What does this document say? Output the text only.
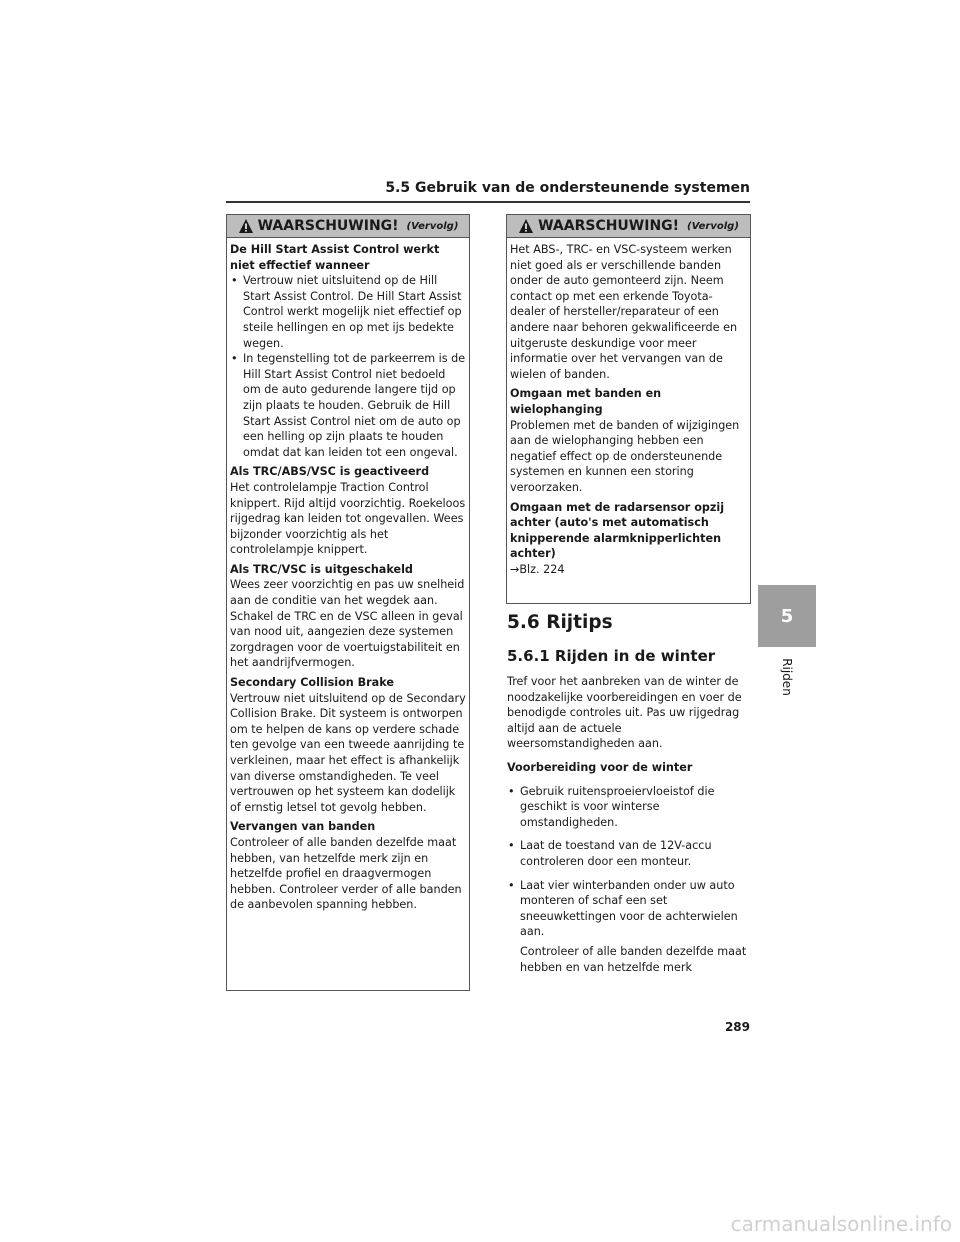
5.5 Gebruik van de ondersteunende systemen
WAARSCHUWING! (Vervolg)

De Hill Start Assist Control werkt niet effectief wanneer

• Vertrouw niet uitsluitend op de Hill Start Assist Control. De Hill Start Assist Control werkt mogelijk niet effectief op steile hellingen en op met ijs bedekte wegen.
• In tegenstelling tot de parkeerrem is de Hill Start Assist Control niet bedoeld om de auto gedurende langere tijd op zijn plaats te houden. Gebruik de Hill Start Assist Control niet om de auto op een helling op zijn plaats te houden omdat dat kan leiden tot een ongeval.

Als TRC/ABS/VSC is geactiveerd

Het controlelampje Traction Control knippert. Rijd altijd voorzichtig. Roekeloos rijgedrag kan leiden tot ongevallen. Wees bijzonder voorzichtig als het controlelampje knippert.

Als TRC/VSC is uitgeschakeld

Wees zeer voorzichtig en pas uw snelheid aan de conditie van het wegdek aan. Schakel de TRC en de VSC alleen in geval van nood uit, aangezien deze systemen zorgdragen voor de voertuigstabiliteit en het aandrijfvermogen.

Secondary Collision Brake

Vertrouw niet uitsluitend op de Secondary Collision Brake. Dit systeem is ontworpen om te helpen de kans op verdere schade ten gevolge van een tweede aanrijding te verkleinen, maar het effect is afhankelijk van diverse omstandigheden. Te veel vertrouwen op het systeem kan dodelijk of ernstig letsel tot gevolg hebben.

Vervangen van banden

Controleer of alle banden dezelfde maat hebben, van hetzelfde merk zijn en hetzelfde profiel en draagvermogen hebben. Controleer verder of alle banden de aanbevolen spanning hebben.

WAARSCHUWING! (Vervolg)

Het ABS-, TRC- en VSC-systeem werken niet goed als er verschillende banden onder de auto gemonteerd zijn. Neem contact op met een erkende Toyota-dealer of hersteller/reparateur of een andere naar behoren gekwalificeerde en uitgeruste deskundige voor meer informatie over het vervangen van de wielen of banden.

Omgaan met banden en wielophanging

Problemen met de banden of wijzigingen aan de wielophanging hebben een negatief effect op de ondersteunende systemen en kunnen een storing veroorzaken.

Omgaan met de radarsensor opzij achter (auto's met automatisch knipperende alarmknipperlichten achter)

→Blz. 224

5.6 Rijtips
5.6.1 Rijden in de winter

Tref voor het aanbreken van de winter de noodzakelijke voorbereidingen en voer de benodigde controles uit. Pas uw rijgedrag altijd aan de actuele weersomstandigheden aan.

Voorbereiding voor de winter

• Gebruik ruitensproeiervloeistof die geschikt is voor winterse omstandigheden.
• Laat de toestand van de 12V-accu controleren door een monteur.
• Laat vier winterbanden onder uw auto monteren of schaf een set sneeuwkettingen voor de achterwielen aan.

Controleer of alle banden dezelfde maat hebben en van hetzelfde merk

5
Rijden
289
carmanualsonline.info
